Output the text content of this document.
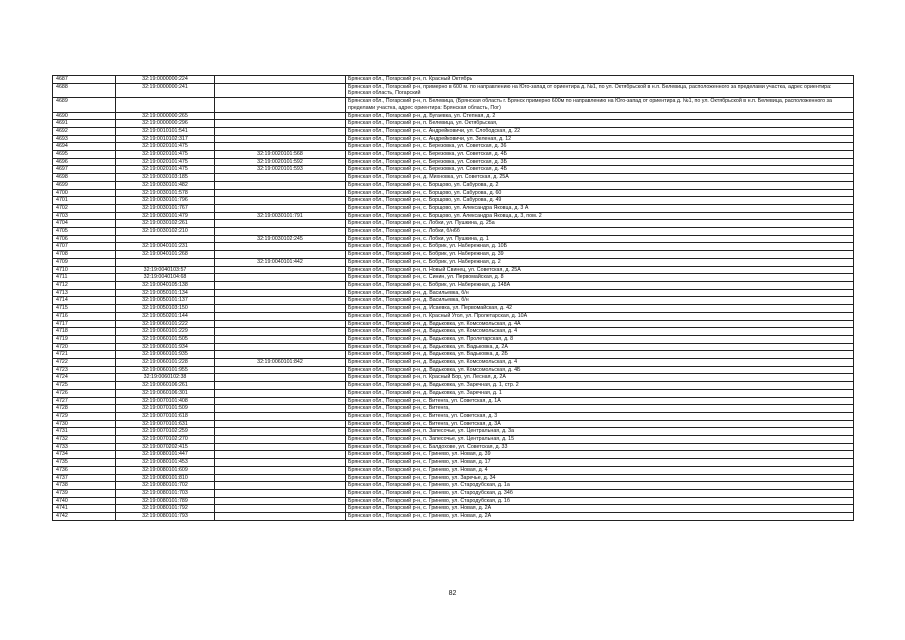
4687	32:19:0000000:224		Брянская обл., Погарский р-н, п. Красный Октябрь
4688	32:19:0000000:241		Брянская обл., Погарский р-н, примерно в 600 м. по направлению на Юго-запад от ориентира д. №1, по ул. Октябрьской в н.п. Белевица, расположенного за пределами участка, адрес ориентира: Брянская область, Погарский
4689			Брянская обл., Погарский р-н, п. Белевица, (Брянская область г. Брянск примерно 600м по направлению на Юго-запад от ориентира д. №1, по ул. Октябрьской в н.п. Белевица, расположенного за пределами участка, адрес ориентира: Брянская область, Пог)
4690	32:19:0000000:265		Брянская обл., Погарский р-н, д. Бугаевка, ул. Степная, д. 2
4691	32:19:0000000:296		Брянская обл., Погарский р-н, п. Белевица, ул. Октябрьская,
4692	32:19:0010101:541		Брянская обл., Погарский р-н, с. Андрейковичи, ул. Слободская, д. 22
4693	32:19:0010102:317		Брянская обл., Погарский р-н, с. Андрейковичи, ул. Зеленая, д. 12
4694	32:19:0020101:475		Брянская обл., Погарский р-н, с. Березовка, ул. Советская, д. 36
4695	32:19:0020101:475	32:19:0020101:568	Брянская обл., Погарский р-н, с. Березовка, ул. Советская, д. 4Б
4696	32:19:0020101:475	32:19:0020101:592	Брянская обл., Погарский р-н, с. Березовка, ул. Советская, д. 3Б
4697	32:19:0020101:475	32:19:0020101:593	Брянская обл., Погарский р-н, с. Березовка, ул. Советская, д. 4Б
4698	32:19:0030103:185		Брянская обл., Погарский р-н, д. Михновка, ул. Советская, д. 25А
4699	32:19:0030101:482		Брянская обл., Погарский р-н, с. Борщово, ул. Сабурова, д. 2
4700	32:19:0030101:578		Брянская обл., Погарский р-н, с. Борщово, ул. Сабурова, д. 60
4701	32:19:0030101:796		Брянская обл., Погарский р-н, с. Борщово, ул. Сабурова, д. 49
4702	32:19:0030101:767		Брянская обл., Погарский р-н, с. Борщово, ул. Александра Яковца, д. 3 А
4703	32:19:0030101:479	32:19:0030101:791	Брянская обл., Погарский р-н, с. Борщово, ул. Александра Яковца, д. 3, пом. 2
4704	32:19:0030102:261		Брянская обл., Погарский р-н, с. Лобки, ул. Пушкина, д. 25а
4705	32:19:0030102:210		Брянская обл., Погарский р-н, с. Лобки, б/н6б
4706		32:19:0030102:245	Брянская обл., Погарский р-н, с. Лобки, ул. Пушкина, д. 1
4707	32:19:0040101:231		Брянская обл., Погарский р-н, с. Бобрик, ул. Набережная, д. 10Б
4708	32:19:0040101:268		Брянская обл., Погарский р-н, с. Бобрик, ул. Набережная, д. 39
4709		32:19:0040101:442	Брянская обл., Погарский р-н, с. Бобрик, ул. Набережная, д. 2
4710	32:19:0040103:57		Брянская обл., Погарский р-н, п. Новый Свинец, ул. Советская, д. 25А
4711	32:19:0040104:68		Брянская обл., Погарский р-н, с. Синин, ул. Первомайская, д. 8
4712	32:19:0040105:138		Брянская обл., Погарский р-н, с. Бобрик, ул. Набережная, д. 148А
4713	32:19:0050101:134		Брянская обл., Погарский р-н, д. Васильевка, б/н
4714	32:19:0050101:137		Брянская обл., Погарский р-н, д. Васильевка, б/н
4715	32:19:0050103:150		Брянская обл., Погарский р-н, д. Исаевка, ул. Первомайская, д. 42
4716	32:19:0050201:144		Брянская обл., Погарский р-н, п. Красный Угол, ул. Пролетарская, д. 10А
4717	32:19:0060101:222		Брянская обл., Погарский р-н, д. Вадьковка, ул. Комсомольская, д. 4А
4718	32:19:0060101:229		Брянская обл., Погарский р-н, д. Вадьковка, ул. Комсомольская, д. 4
4719	32:19:0060101:505		Брянская обл., Погарский р-н, д. Вадьковка, ул. Пролетарская, д. 8
4720	32:19:0060101:934		Брянская обл., Погарский р-н, д. Вадьковка, ул. Вадьковка, д. 2А
4721	32:19:0060101:935		Брянская обл., Погарский р-н, д. Вадьковка, ул. Вадьковка, д. 2Б
4722	32:19:0060101:228	32:19:0060101:842	Брянская обл., Погарский р-н, д. Вадьковка, ул. Комсомольская, д. 4
4723	32:19:0060101:955		Брянская обл., Погарский р-н, д. Вадьковка, ул. Комсомольская, д. 4Б
4724	32:19:0060102:38		Брянская обл., Погарский р-н, п. Красный Бор, ул. Лесная, д. 2А
4725	32:19:0060106:261		Брянская обл., Погарский р-н, д. Вадьковка, ул. Заречная, д. 1, стр. 2
4726	32:19:0060106:301		Брянская обл., Погарский р-н, д. Вадьковка, ул. Заречная, д. 1
4727	32:19:0070101:408		Брянская обл., Погарский р-н, с. Витенга, ул. Советская, д. 1А
4728	32:19:0070101:509		Брянская обл., Погарский р-н, с. Витенга,
4729	32:19:0070101:618		Брянская обл., Погарский р-н, с. Витенга, ул. Советская, д. 3
4730	32:19:0070101:631		Брянская обл., Погарский р-н, с. Витенга, ул. Советская, д. 3А
4731	32:19:0070102:259		Брянская обл., Погарский р-н, п. Запесочье, ул. Центральная, д. 3а
4732	32:19:0070102:270		Брянская обл., Погарский р-н, п. Запесочье, ул. Центральная, д. 15
4733	32:19:0070202:415		Брянская обл., Погарский р-н, с. Балдохове, ул. Советская, д. 33
4734	32:19:0080101:447		Брянская обл., Погарский р-н, с. Гринево, ул. Новая, д. 39
4735	32:19:0080101:453		Брянская обл., Погарский р-н, с. Гринево, ул. Новая, д. 17
4736	32:19:0080101:609		Брянская обл., Погарский р-н, с. Гринево, ул. Новая, д. 4
4737	32:19:0080101:810		Брянская обл., Погарский р-н, с. Гринево, ул. Заречье, д. 34
4738	32:19:0080101:702		Брянская обл., Погарский р-н, с. Гринево, ул. Стародубская, д. 1а
4739	32:19:0080101:703		Брянская обл., Погарский р-н, с. Гринево, ул. Стародубская, д. 34б
4740	32:19:0080101:789		Брянская обл., Погарский р-н, с. Гринево, ул. Стародубская, д. 1б
4741	32:19:0080101:792		Брянская обл., Погарский р-н, с. Гринево, ул. Новая, д. 2А
4742	32:19:0080101:793		Брянская обл., Погарский р-н, с. Гринево, ул. Новая, д. 2А
82
